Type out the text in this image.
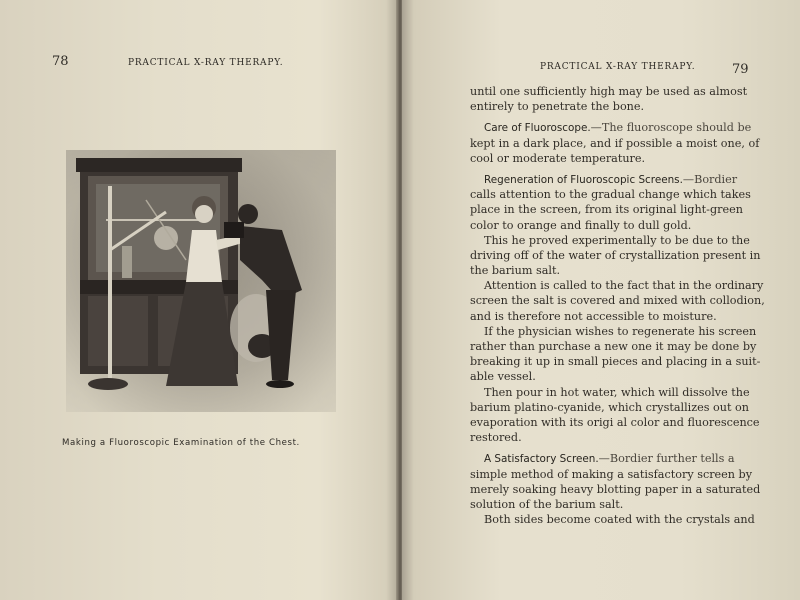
78	PRACTICAL X-RAY THERAPY.
Making a Fluoroscopic Examination of the Chest.
PRACTICAL X-RAY THERAPY.	79
until one sufficiently high may be used as almost
entirely to penetrate the bone.
Care of Fluoroscope.—The fluoroscope should be
kept in a dark place, and if possible a moist one, of
cool or moderate temperature.
Regeneration of Fluoroscopic Screens.—Bordier
calls attention to the gradual change which takes
place in the screen, from its original light-green
color to orange and finally to dull gold.
This he proved experimentally to be due to the
driving off of the water of crystallization present in
the barium salt.
Attention is called to the fact that in the ordinary
screen the salt is covered and mixed with collodion,
and is therefore not accessible to moisture.
If the physician wishes to regenerate his screen
rather than purchase a new one it may be done by
breaking it up in small pieces and placing in a suit-
able vessel.
Then pour in hot water, which will dissolve the
barium platino-cyanide, which crystallizes out on
evaporation with its origi al color and fluorescence
restored.
A Satisfactory Screen.—Bordier further tells a
simple method of making a satisfactory screen by
merely soaking heavy blotting paper in a saturated
solution of the barium salt.
Both sides become coated with the crystals and
